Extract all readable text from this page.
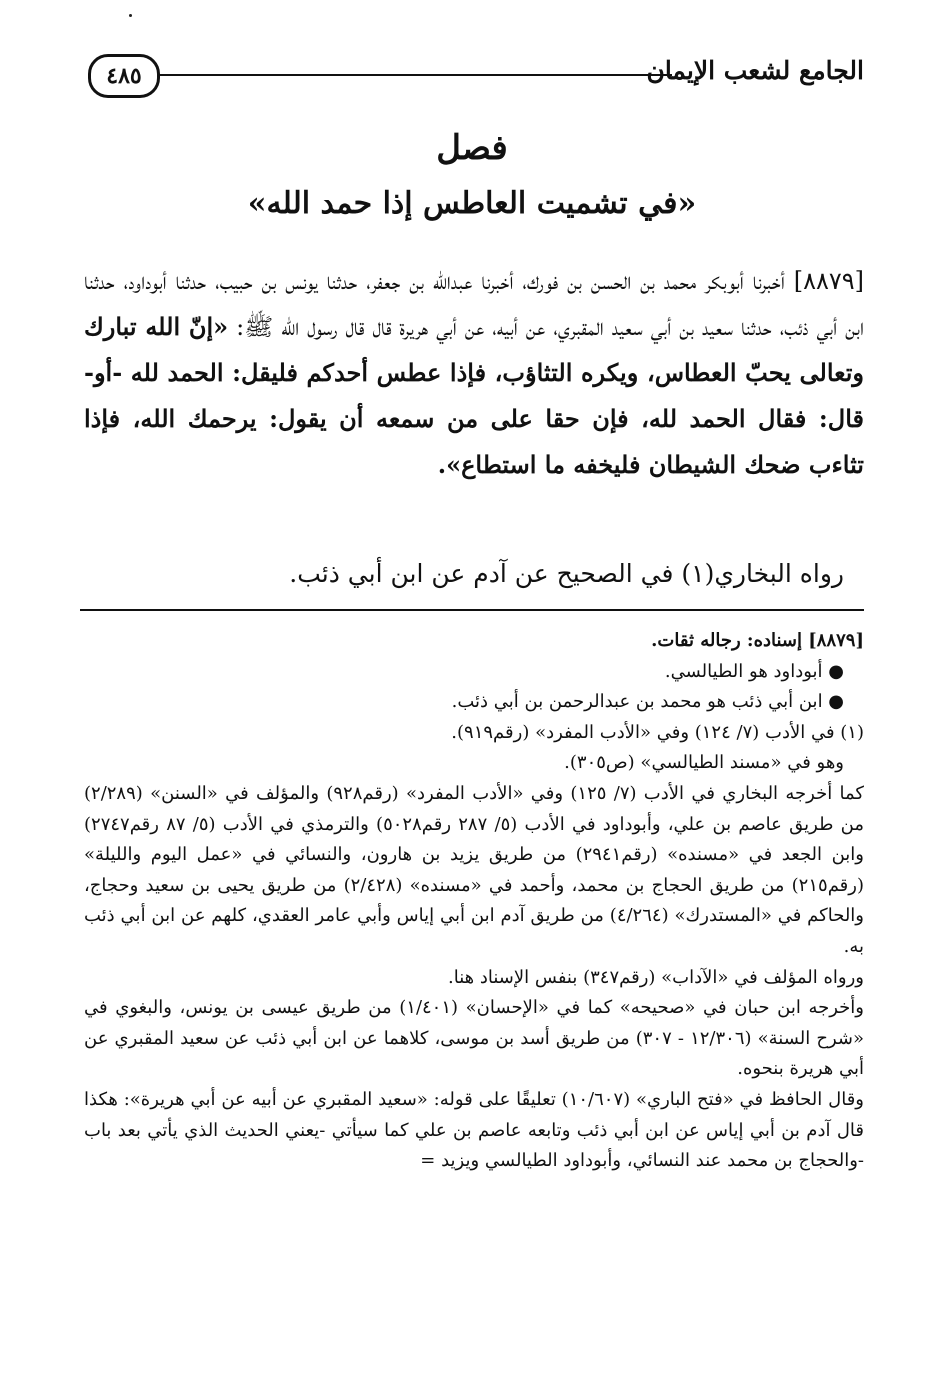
الجامع لشعب الإيمان
٤٨٥
فصل
«في تشميت العاطس إذا حمد الله»
[٨٨٧٩] أخبرنا أبوبكر محمد بن الحسن بن فورك، أخبرنا عبدالله بن جعفر، حدثنا يونس بن حبيب، حدثنا أبوداود، حدثنا ابن أبي ذئب، حدثنا سعيد بن أبي سعيد المقبري، عن أبيه، عن أبي هريرة قال قال رسول الله ﷺ: «إنّ الله تبارك وتعالى يحبّ العطاس، ويكره التثاؤب، فإذا عطس أحدكم فليقل: الحمد لله -أو- قال: فقال الحمد لله، فإن حقا على من سمعه أن يقول: يرحمك الله، فإذا تثاءب ضحك الشيطان فليخفه ما استطاع».
رواه البخاري(١) في الصحيح عن آدم عن ابن أبي ذئب.

[٨٨٧٩] إسناده: رجاله ثقات.

● أبوداود هو الطيالسي.

● ابن أبي ذئب هو محمد بن عبدالرحمن بن أبي ذئب.

(١) في الأدب (٧/ ١٢٤) وفي «الأدب المفرد» (رقم٩١٩).

وهو في «مسند الطيالسي» (ص٣٠٥).

كما أخرجه البخاري في الأدب (٧/ ١٢٥) وفي «الأدب المفرد» (رقم٩٢٨) والمؤلف في «السنن» (٢/٢٨٩) من طريق عاصم بن علي، وأبوداود في الأدب (٥/ ٢٨٧ رقم٥٠٢٨) والترمذي في الأدب (٥/ ٨٧ رقم٢٧٤٧) وابن الجعد في «مسنده» (رقم٢٩٤١) من طريق يزيد بن هارون، والنسائي في «عمل اليوم والليلة» (رقم٢١٥) من طريق الحجاج بن محمد، وأحمد في «مسنده» (٢/٤٢٨) من طريق يحيى بن سعيد وحجاج، والحاكم في «المستدرك» (٤/٢٦٤) من طريق آدم ابن أبي إياس وأبي عامر العقدي، كلهم عن ابن أبي ذئب به.

ورواه المؤلف في «الآداب» (رقم٣٤٧) بنفس الإسناد هنا.

وأخرجه ابن حبان في «صحيحه» كما في «الإحسان» (١/٤٠١) من طريق عيسى بن يونس، والبغوي في «شرح السنة» (١٢/٣٠٦ - ٣٠٧) من طريق أسد بن موسى، كلاهما عن ابن أبي ذئب عن سعيد المقبري عن أبي هريرة بنحوه.

وقال الحافظ في «فتح الباري» (١٠/٦٠٧) تعليقًا على قوله: «سعيد المقبري عن أبيه عن أبي هريرة»: هكذا قال آدم بن أبي إياس عن ابن أبي ذئب وتابعه عاصم بن علي كما سيأتي -يعني الحديث الذي يأتي بعد باب -والحجاج بن محمد عند النسائي، وأبوداود الطيالسي ويزيد =
